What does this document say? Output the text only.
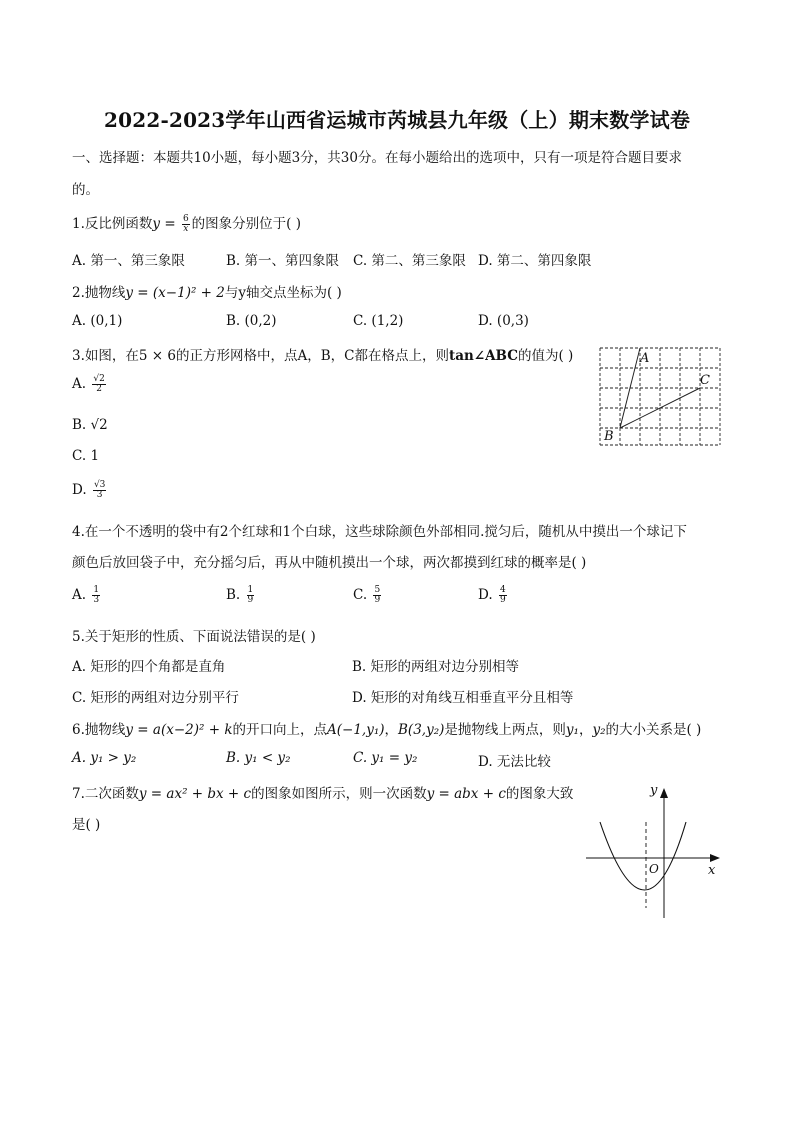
2022-2023学年山西省运城市芮城县九年级（上）期末数学试卷
一、选择题：本题共10小题，每小题3分，共30分。在每小题给出的选项中，只有一项是符合题目要求
的。
1.反比例函数$y = \frac{6}{x}$ 的图象分别位于( )
A. 第一、第三象限	B. 第一、第四象限 C. 第二、第三象限 D. 第二、第四象限
2.抛物线y = (x−1)² + 2与y轴交点坐标为( )
A. (0,1)	B. (0,2)	C. (1,2)	D. (0,3)
3.如图，在5 × 6的正方形网格中，点A，B，C都在格点上，则tan∠ABC的值为( )
A. $\frac{√2}{2}$
B. √2
C. 1
D. $\frac{√3}{3}$
A
B
C
4.在一个不透明的袋中有2个红球和1个白球，这些球除颜色外部相同.搅匀后，随机从中摸出一个球记下
颜色后放回袋子中，充分摇匀后，再从中随机摸出一个球，两次都摸到红球的概率是( )
A. $\frac{1}{3}$	B. $\frac{1}{9}$	C. $\frac{5}{9}$	D. $\frac{4}{9}$
5.关于矩形的性质、下面说法错误的是( )
A. 矩形的四个角都是直角	B. 矩形的两组对边分别相等
C. 矩形的两组对边分别平行	D. 矩形的对角线互相垂直平分且相等
6.抛物线y = a(x−2)² + k的开口向上，点A(−1,y₁)，B(3,y₂)是抛物线上两点，则y₁，y₂的大小关系是( )
A. y₁ > y₂	B. y₁ < y₂	C. y₁ = y₂	D. 无法比较
7.二次函数y = ax² + bx + c的图象如图所示，则一次函数y = abx + c的图象大致
是( )
y
O	x
